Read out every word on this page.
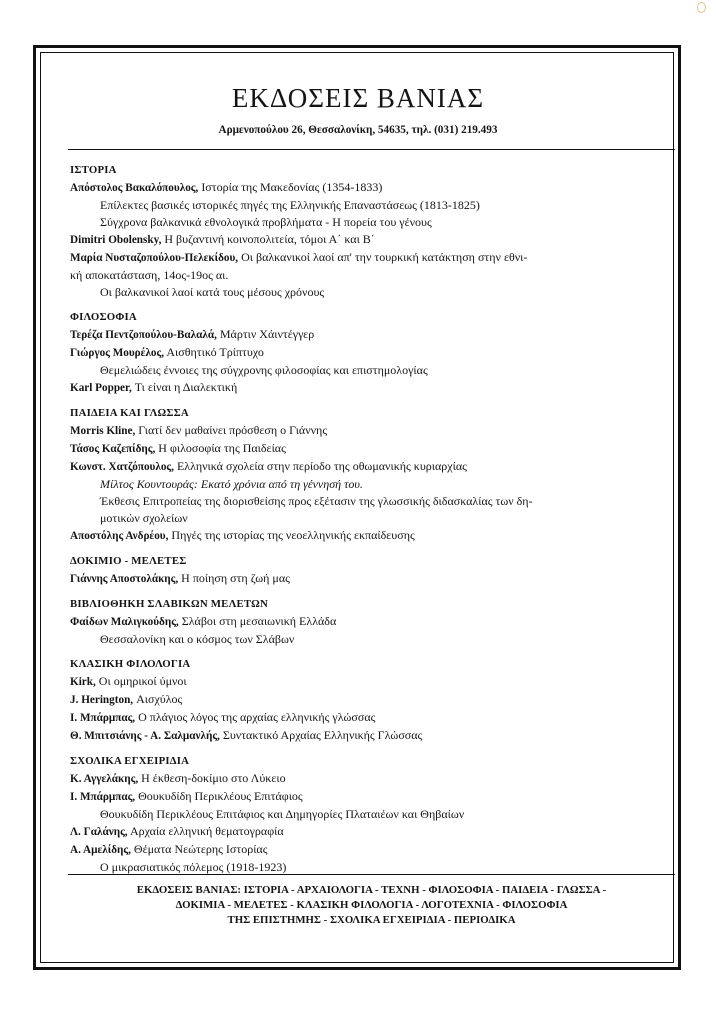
ΕΚΔΟΣΕΙΣ ΒΑΝΙΑΣ
Αρμενοπούλου 26, Θεσσαλονίκη, 54635, τηλ. (031) 219.493
ΙΣΤΟΡΙΑ
Απόστολος Βακαλόπουλος, Ιστορία της Μακεδονίας (1354-1833)
Επίλεκτες βασικές ιστορικές πηγές της Ελληνικής Επαναστάσεως (1813-1825)
Σύγχρονα βαλκανικά εθνολογικά προβλήματα - Η πορεία του γένους
Dimitri Obolensky, Η βυζαντινή κοινοπολιτεία, τόμοι Α΄ και Β΄
Μαρία Νυσταζοπούλου-Πελεκίδου, Οι βαλκανικοί λαοί απ' την τουρκική κατάκτηση στην εθνι-
κή αποκατάσταση, 14ος-19ος αι.
Οι βαλκανικοί λαοί κατά τους μέσους χρόνους
ΦΙΛΟΣΟΦΙΑ
Τερέζα Πεντζοπούλου-Βαλαλά, Μάρτιν Χάιντέγγερ
Γιώργος Μουρέλος, Αισθητικό Τρίπτυχο
Θεμελιώδεις έννοιες της σύγχρονης φιλοσοφίας και επιστημολογίας
Karl Popper, Τι είναι η Διαλεκτική
ΠΑΙΔΕΙΑ ΚΑΙ ΓΛΩΣΣΑ
Morris Kline, Γιατί δεν μαθαίνει πρόσθεση ο Γιάννης
Τάσος Καζεπίδης, Η φιλοσοφία της Παιδείας
Κωνστ. Χατζόπουλος, Ελληνικά σχολεία στην περίοδο της οθωμανικής κυριαρχίας
Μίλτος Κουντουράς: Εκατό χρόνια από τη γέννησή του.
Έκθεσις Επιτροπείας της διορισθείσης προς εξέτασιν της γλωσσικής διδασκαλίας των δη-
μοτικών σχολείων
Αποστόλης Ανδρέου, Πηγές της ιστορίας της νεοελληνικής εκπαίδευσης
ΔΟΚΙΜΙΟ - ΜΕΛΕΤΕΣ
Γιάννης Αποστολάκης, Η ποίηση στη ζωή μας
ΒΙΒΛΙΟΘΗΚΗ ΣΛΑΒΙΚΩΝ ΜΕΛΕΤΩΝ
Φαίδων Μαλιγκούδης, Σλάβοι στη μεσαιωνική Ελλάδα
Θεσσαλονίκη και ο κόσμος των Σλάβων
ΚΛΑΣΙΚΗ ΦΙΛΟΛΟΓΙΑ
Kirk, Οι ομηρικοί ύμνοι
J. Herington, Αισχύλος
Ι. Μπάρμπας, Ο πλάγιος λόγος της αρχαίας ελληνικής γλώσσας
Θ. Μπιτσιάνης - Α. Σαλμανλής, Συντακτικό Αρχαίας Ελληνικής Γλώσσας
ΣΧΟΛΙΚΑ ΕΓΧΕΙΡΙΔΙΑ
Κ. Αγγελάκης, Η έκθεση-δοκίμιο στο Λύκειο
Ι. Μπάρμπας, Θουκυδίδη Περικλέους Επιτάφιος
Θουκυδίδη Περικλέους Επιτάφιος και Δημηγορίες Πλαταιέων και Θηβαίων
Λ. Γαλάνης, Αρχαία ελληνική θεματογραφία
Α. Αμελίδης, Θέματα Νεώτερης Ιστορίας
Ο μικρασιατικός πόλεμος (1918-1923)
ΕΚΔΟΣΕΙΣ ΒΑΝΙΑΣ: ΙΣΤΟΡΙΑ - ΑΡΧΑΙΟΛΟΓΙΑ - ΤΕΧΝΗ - ΦΙΛΟΣΟΦΙΑ - ΠΑΙΔΕΙΑ - ΓΛΩΣΣΑ -
ΔΟΚΙΜΙΑ - ΜΕΛΕΤΕΣ - ΚΛΑΣΙΚΗ ΦΙΛΟΛΟΓΙΑ - ΛΟΓΟΤΕΧΝΙΑ - ΦΙΛΟΣΟΦΙΑ
ΤΗΣ ΕΠΙΣΤΗΜΗΣ - ΣΧΟΛΙΚΑ ΕΓΧΕΙΡΙΔΙΑ - ΠΕΡΙΟΔΙΚΑ
